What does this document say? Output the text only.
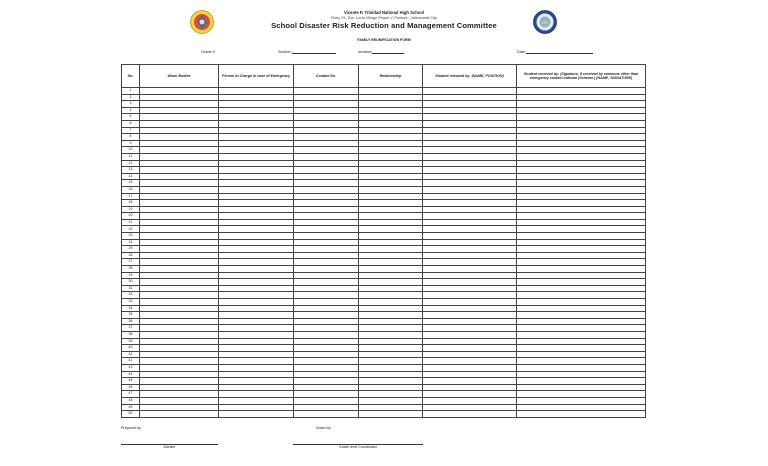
Vicente P. Trinidad National High School
Ruby St., Sta. Lucia Village Phase V, Punturin, Valenzuela City
School Disaster Risk Reduction and Management Committee
FAMILY REUNIFICATION FORM
Grade 9	Section:	Incident:	Date:
No.	Warm Bodies	Person In-Charge in case of Emergency	Contact No.	Relationship	Student released by: (NAME, POSITION)	Student received by: (Signature, If received by someone other than emergency contact indicate (Scheme.) (NAME, SIGNATURE)
1						
2						
3						
4						
5						
6						
7						
8						
9						
10						
11						
12						
13						
14						
15						
16						
17						
18						
19						
20						
21						
22						
23						
24						
25						
26						
27						
28						
29						
30						
31						
32						
33						
34						
35						
36						
37						
38						
39						
40						
41						
42						
43						
44						
45						
46						
47						
48						
49						
50						
Prepared by:	Noted by:
Adviser	Grade level Coordinator
